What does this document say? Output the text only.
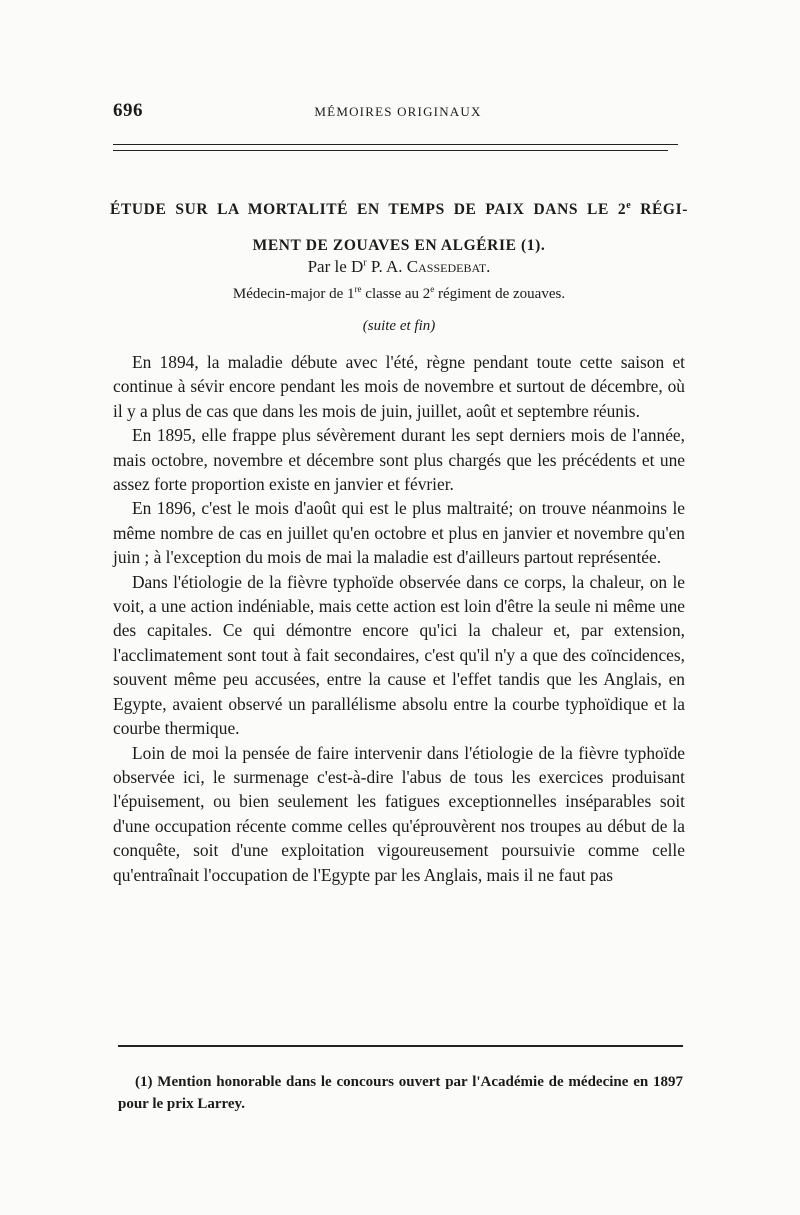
696	MÉMOIRES ORIGINAUX
ÉTUDE SUR LA MORTALITÉ EN TEMPS DE PAIX DANS LE 2e RÉGI-
MENT DE ZOUAVES EN ALGÉRIE (1).
Par le $D^r$ P. A. Cassedebat.
Médecin-major de 1re classe au 2e régiment de zouaves.
(suite et fin)

En 1894, la maladie débute avec l'été, règne pendant toute cette saison et continue à sévir encore pendant les mois de novembre et surtout de décembre, où il y a plus de cas que dans les mois de juin, juillet, août et septembre réunis.

En 1895, elle frappe plus sévèrement durant les sept derniers mois de l'année, mais octobre, novembre et décembre sont plus chargés que les précédents et une assez forte proportion existe en janvier et février.

En 1896, c'est le mois d'août qui est le plus maltraité; on trouve néanmoins le même nombre de cas en juillet qu'en octobre et plus en janvier et novembre qu'en juin ; à l'exception du mois de mai la maladie est d'ailleurs partout représentée.

Dans l'étiologie de la fièvre typhoïde observée dans ce corps, la chaleur, on le voit, a une action indéniable, mais cette action est loin d'être la seule ni même une des capitales. Ce qui démontre encore qu'ici la chaleur et, par extension, l'acclimatement sont tout à fait secondaires, c'est qu'il n'y a que des coïncidences, souvent même peu accusées, entre la cause et l'effet tandis que les Anglais, en Egypte, avaient observé un parallélisme absolu entre la courbe typhoïdique et la courbe thermique.

Loin de moi la pensée de faire intervenir dans l'étiologie de la fièvre typhoïde observée ici, le surmenage c'est-à-dire l'abus de tous les exercices produisant l'épuisement, ou bien seulement les fatigues exceptionnelles inséparables soit d'une occupation récente comme celles qu'éprouvèrent nos troupes au début de la conquête, soit d'une exploitation vigoureusement poursuivie comme celle qu'entraînait l'occupation de l'Egypte par les Anglais, mais il ne faut pas

(1) Mention honorable dans le concours ouvert par l'Académie de médecine en 1897 pour le prix Larrey.
